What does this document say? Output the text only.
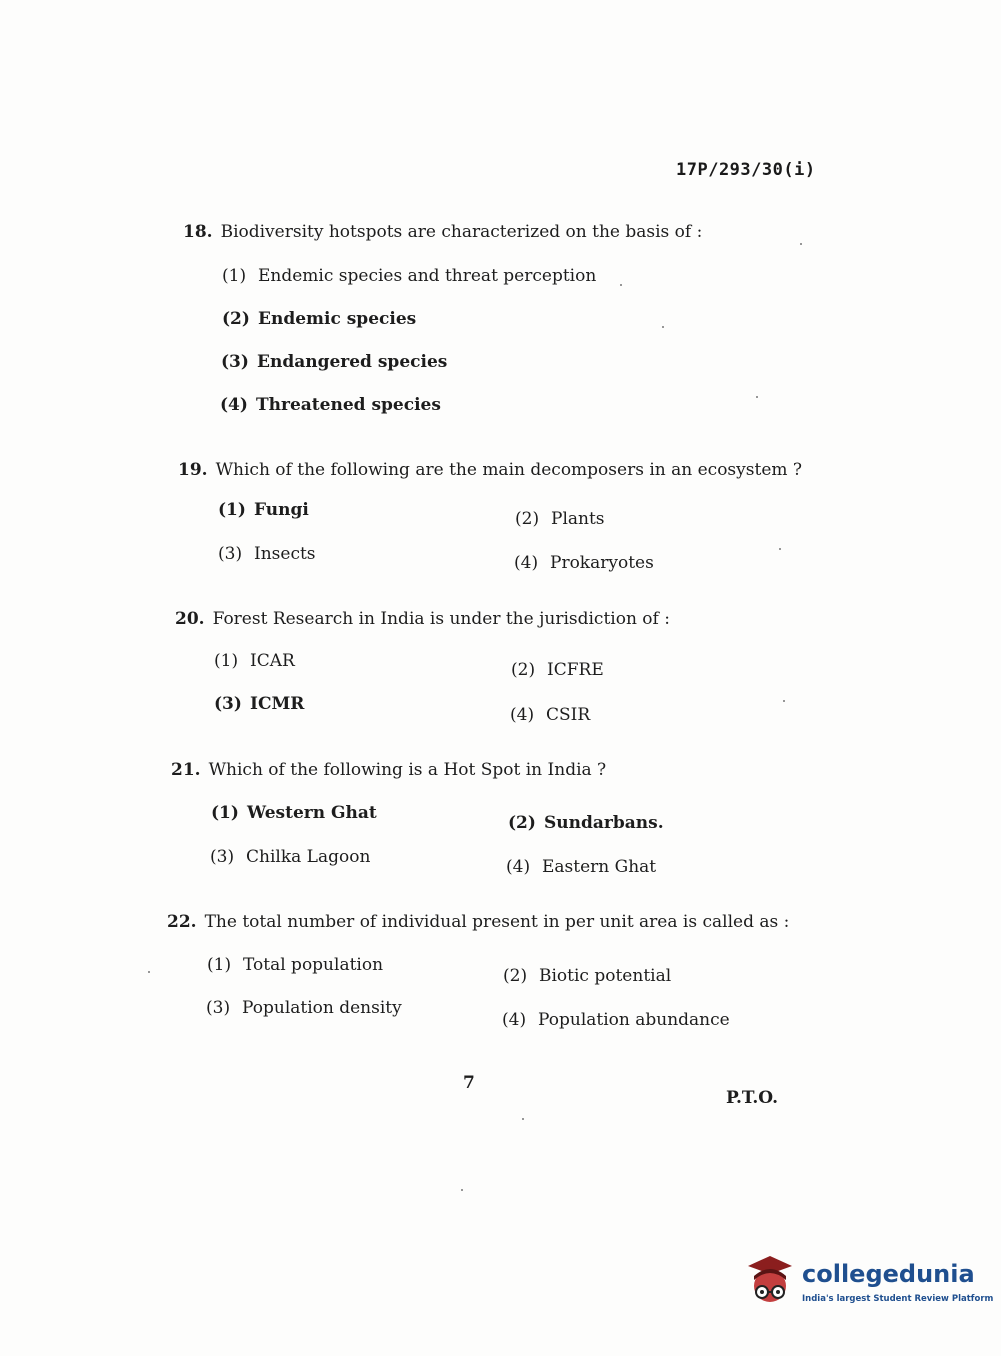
17P/293/30(i)
18. Biodiversity hotspots are characterized on the basis of :
(1) Endemic species and threat perception
(2) Endemic species
(3) Endangered species
(4) Threatened species
19. Which of the following are the main decomposers in an ecosystem ?
(1) Fungi	(2) Plants
(3) Insects	(4) Prokaryotes
20. Forest Research in India is under the jurisdiction of :
(1) ICAR	(2) ICFRE
(3) ICMR
(4) CSIR
21. Which of the following is a Hot Spot in India ?
(1) Western Ghat	(2) Sundarbans.
(3) Chilka Lagoon	(4) Eastern Ghat
22. The total number of individual present in per unit area is called as :
(1) Total population
(2) Biotic potential
(3) Population density
(4) Population abundance
7
P.T.O.
collegedunia
India's largest Student Review Platform
